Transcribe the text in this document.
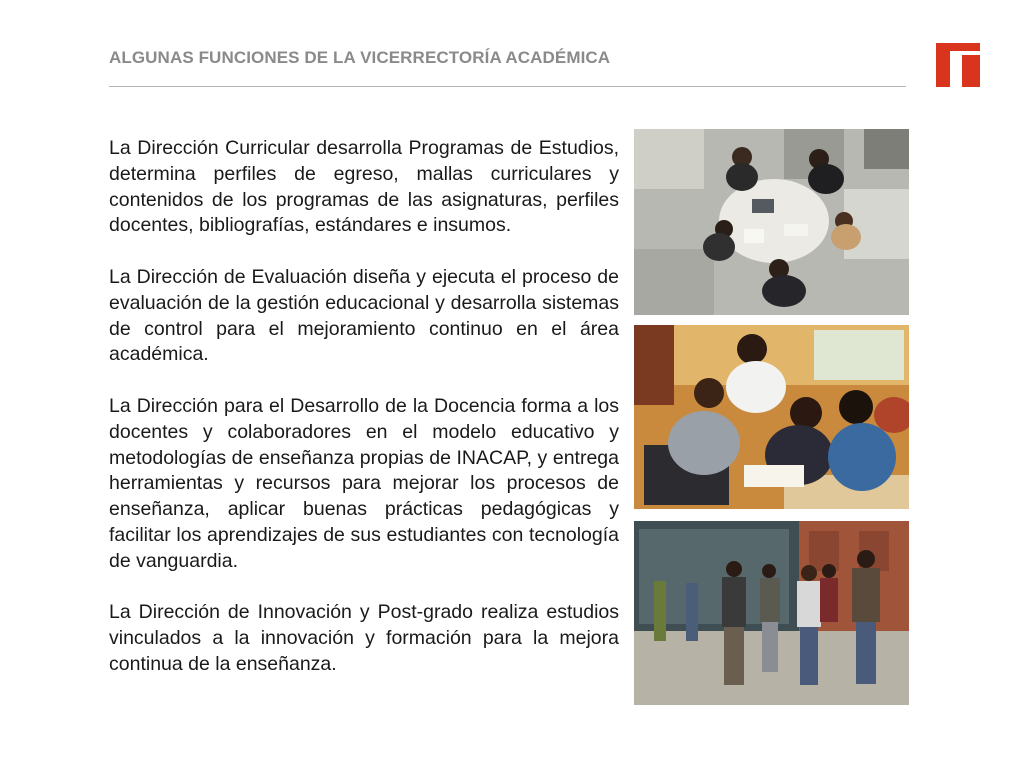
ALGUNAS FUNCIONES DE LA VICERRECTORÍA ACADÉMICA

La Dirección Curricular desarrolla Programas de Estudios, determina perfiles de egreso, mallas curriculares y contenidos de los programas de las asignaturas, perfiles docentes, bibliografías, estándares e insumos.

La Dirección de Evaluación diseña y ejecuta el proceso de evaluación de la gestión educacional y desarrolla sistemas de control para el mejoramiento continuo en el área académica.

La Dirección para el Desarrollo de la Docencia forma a los docentes y colaboradores en el modelo educativo y metodologías de enseñanza propias de INACAP, y entrega herramientas y recursos para mejorar los procesos de enseñanza, aplicar buenas prácticas pedagógicas y facilitar los aprendizajes de sus estudiantes con tecnología de vanguardia.

La Dirección de Innovación y Post-grado realiza estudios vinculados a la innovación y formación para la mejora continua de la enseñanza.
